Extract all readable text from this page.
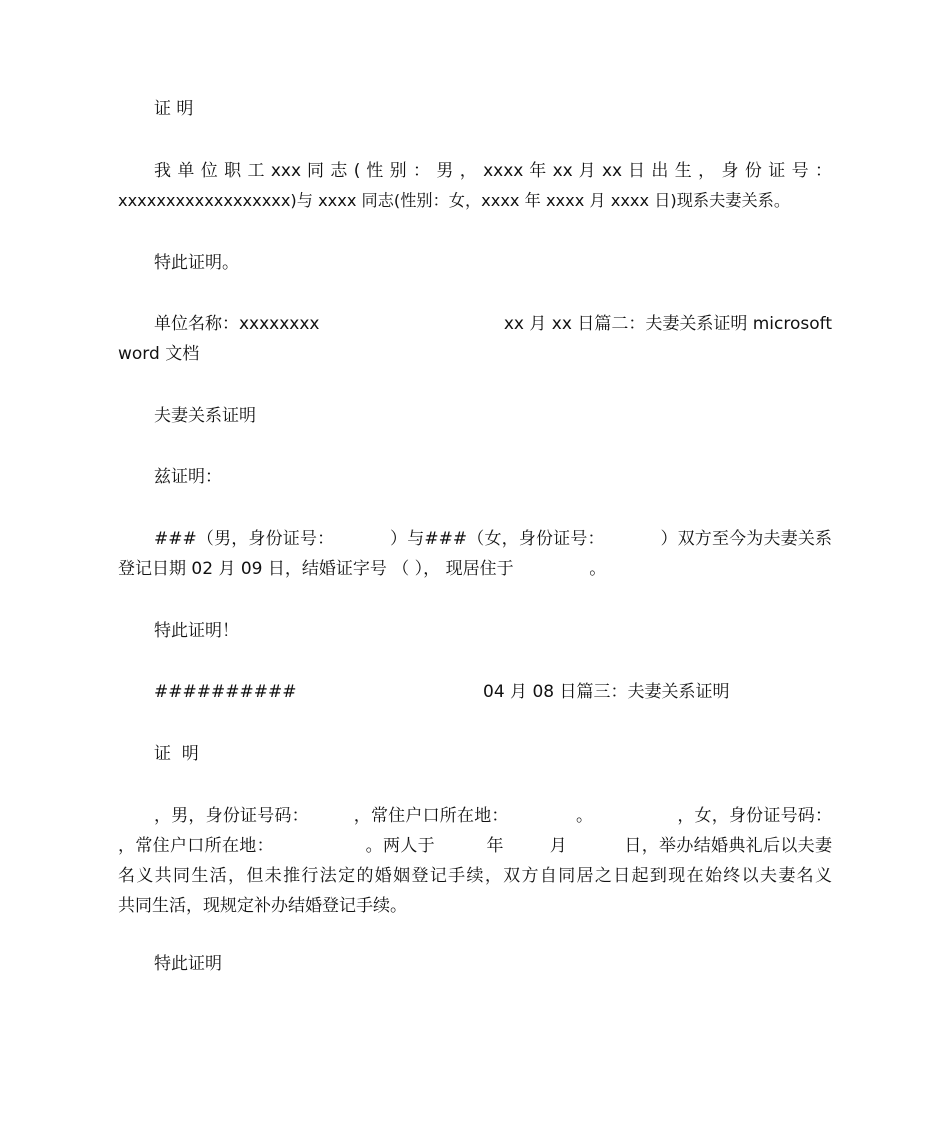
证 明
我 单 位 职 工 xxx 同 志 ( 性 别 ： 男 ， xxxx 年 xx 月 xx 日 出 生 ， 身 份 证 号 ：
xxxxxxxxxxxxxxxxxx)与 xxxx 同志(性别：女，xxxx 年 xxxx 月 xxxx 日)现系夫妻关系。
特此证明。
单位名称：xxxxxxxx	xx 月 xx 日篇二：夫妻关系证明 microsoft
word 文档
夫妻关系证明
兹证明：
###（男，身份证号：          ）与###（女，身份证号：          ）双方至今为夫妻关系
登记日期 02 月 09 日，结婚证字号 （ ）， 现居住于              。
特此证明！
##########	04 月 08 日篇三：夫妻关系证明
证  明
，男，身份证号码：        ，常住户口所在地：            。               ，女，身份证号码：
，常住户口所在地：                。两人于         年        月          日，举办结婚典礼后以夫妻
名义共同生活，但未推行法定的婚姻登记手续，双方自同居之日起到现在始终以夫妻名义
共同生活，现规定补办结婚登记手续。
特此证明
